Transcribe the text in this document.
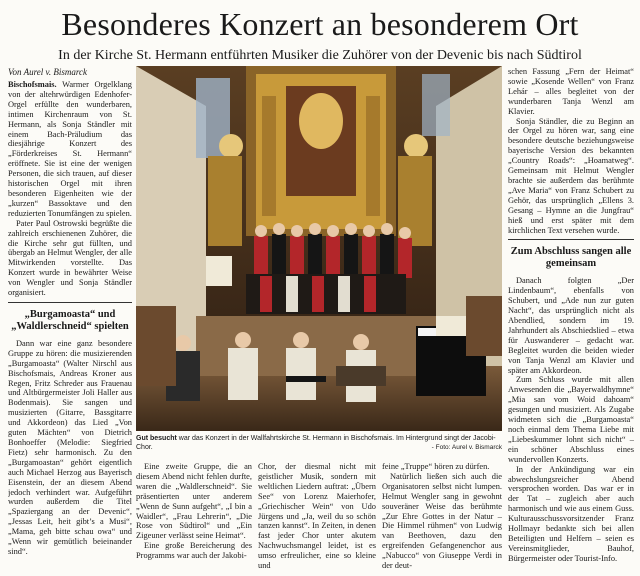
Besonderes Konzert an besonderem Ort
In der Kirche St. Hermann entführten Musiker die Zuhörer von der Devenic bis nach Südtirol
Von Aurel v. Bismarck

Bischofsmais. Warmer Orgelklang von der altehrwürdigen Edenhofer-Orgel erfüllte den wunderbaren, intimen Kirchenraum von St. Hermann, als Sonja Ständler mit einem Bach-Präludium das diesjährige Konzert des „Förderkreises St. Hermann“ eröffnete. Sie ist eine der wenigen Personen, die sich trauen, auf dieser historischen Orgel mit ihren besonderen Eigenheiten wie der „kurzen“ Bassoktave und den reduzierten Tonumfängen zu spielen.

Pater Paul Ostrowski begrüßte die zahlreich erschienenen Zuhörer, die die Kirche sehr gut füllten, und übergab an Helmut Wengler, der alle Mitwirkenden vorstellte. Das Konzert wurde in bewährter Weise von Wengler und Sonja Ständler organisiert.

„Burgamoasta“ und „Waldlerschneid“ spielten

Dann war eine ganz besondere Gruppe zu hören: die musizierenden „Burgamoasta“ (Walter Nirschl aus Bischofsmais, Andreas Kroner aus Regen, Fritz Schreder aus Frauenau und Altbürgermeister Joli Haller aus Bodenmais). Sie sangen und musizierten (Gitarre, Bassgitarre und Akkordeon) das Lied „Von guten Mächten“ von Dietrich Bonhoeffer (Melodie: Siegfried Fietz) sehr harmonisch. Zu den „Burgamoastan“ gehört eigentlich auch Michael Herzog aus Bayerisch Eisenstein, der an diesem Abend jedoch verhindert war. Aufgeführt wurden außerdem die Titel „Spaziergang an der Devenic“, „Jessas Leit, heit gibt’s a Musi“, „Mama, geh bitte schau owa“ und „Wenn wir gemütlich beieinander sind“.

Gut besucht war das Konzert in der Wallfahrtskirche St. Hermann in Bischofsmais. Im Hintergrund singt der Jacobi-Chor.	- Foto: Aurel v. Bismarck

Eine zweite Gruppe, die an diesem Abend nicht fehlen durfte, waren die „Waldlerschneid“. Sie präsentierten unter anderem „Wenn de Sunn aufgeht“, „I bin a Waidler“, „Frau Lehrerin“, „Die Rose von Südtirol“ und „Ein Zigeuner verlässt seine Heimat“.

Eine große Bereicherung des Programms war auch der Jakobi-

Chor, der diesmal nicht mit geistlicher Musik, sondern mit weltlichen Liedern auftrat: „Übern See“ von Lorenz Maierhofer, „Griechischer Wein“ von Udo Jürgens und „Ja, weil du so schön tanzen kannst“. In Zeiten, in denen fast jeder Chor unter akutem Nachwuchsmangel leidet, ist es umso erfreulicher, eine so kleine und

feine „Truppe“ hören zu dürfen.

Natürlich ließen sich auch die Organisatoren selbst nicht lumpen. Helmut Wengler sang in gewohnt souveräner Weise das berühmte „Zur Ehre Gottes in der Natur – Die Himmel rühmen“ von Ludwig van Beethoven, dazu den ergreifenden Gefangenenchor aus „Nabucco“ von Giuseppe Verdi in der deut-

schen Fassung „Fern der Heimat“ sowie „Kosende Wellen“ von Franz Lehár – alles begleitet von der wunderbaren Tanja Wenzl am Klavier.

Sonja Ständler, die zu Beginn an der Orgel zu hören war, sang eine besondere deutsche beziehungsweise bayerische Version des bekannten „Country Roads“: „Hoamatweg“. Gemeinsam mit Helmut Wengler brachte sie außerdem das berühmte „Ave Maria“ von Franz Schubert zu Gehör, das ursprünglich „Ellens 3. Gesang – Hymne an die Jungfrau“ hieß und erst später mit dem kirchlichen Text versehen wurde.

Zum Abschluss sangen alle gemeinsam

Danach folgten „Der Lindenbaum“, ebenfalls von Schubert, und „Ade nun zur guten Nacht“, das ursprünglich nicht als Abendlied, sondern im 19. Jahrhundert als Abschiedslied – etwa für Auswanderer – gedacht war. Begleitet wurden die beiden wieder von Tanja Wenzl am Klavier und später am Akkordeon.

Zum Schluss wurde mit allen Anwesenden die „Bayerwaldhymne“ „Mia san vom Woid dahoam“ gesungen und musiziert. Als Zugabe widmeten sich die „Burgamoasta“ noch einmal dem Thema Liebe mit „Liebeskummer lohnt sich nicht“ – ein schöner Abschluss eines wundervollen Konzerts.

In der Ankündigung war ein abwechslungsreicher Abend versprochen worden. Das war er in der Tat – zugleich aber auch harmonisch und wie aus einem Guss. Kulturausschussvorsitzender Franz Hollmayr bedankte sich bei allen Beteiligten und Helfern – seien es Vereinsmitglieder, Bauhof, Bürgermeister oder Tourist-Info.
